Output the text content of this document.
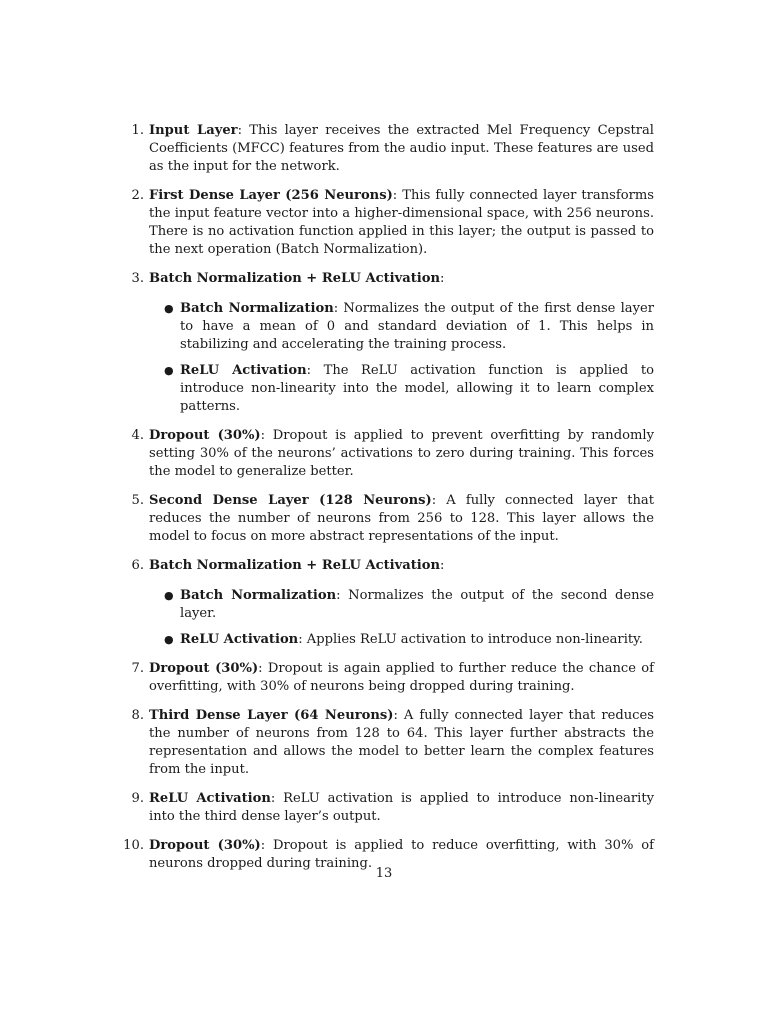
1. Input Layer: This layer receives the extracted Mel Frequency Cepstral Coefficients (MFCC) features from the audio input. These features are used as the input for the network.
2. First Dense Layer (256 Neurons): This fully connected layer transforms the input feature vector into a higher-dimensional space, with 256 neurons. There is no activation function applied in this layer; the output is passed to the next operation (Batch Normalization).
3. Batch Normalization + ReLU Activation:
● Batch Normalization: Normalizes the output of the first dense layer to have a mean of 0 and standard deviation of 1. This helps in stabilizing and accelerating the training process.
● ReLU Activation: The ReLU activation function is applied to introduce non-linearity into the model, allowing it to learn complex patterns.
4. Dropout (30%): Dropout is applied to prevent overfitting by randomly setting 30% of the neurons’ activations to zero during training. This forces the model to generalize better.
5. Second Dense Layer (128 Neurons): A fully connected layer that reduces the number of neurons from 256 to 128. This layer allows the model to focus on more abstract representations of the input.
6. Batch Normalization + ReLU Activation:
● Batch Normalization: Normalizes the output of the second dense layer.
● ReLU Activation: Applies ReLU activation to introduce non-linearity.
7. Dropout (30%): Dropout is again applied to further reduce the chance of overfitting, with 30% of neurons being dropped during training.
8. Third Dense Layer (64 Neurons): A fully connected layer that reduces the number of neurons from 128 to 64. This layer further abstracts the representation and allows the model to better learn the complex features from the input.
9. ReLU Activation: ReLU activation is applied to introduce non-linearity into the third dense layer’s output.
10. Dropout (30%): Dropout is applied to reduce overfitting, with 30% of neurons dropped during training.
13
